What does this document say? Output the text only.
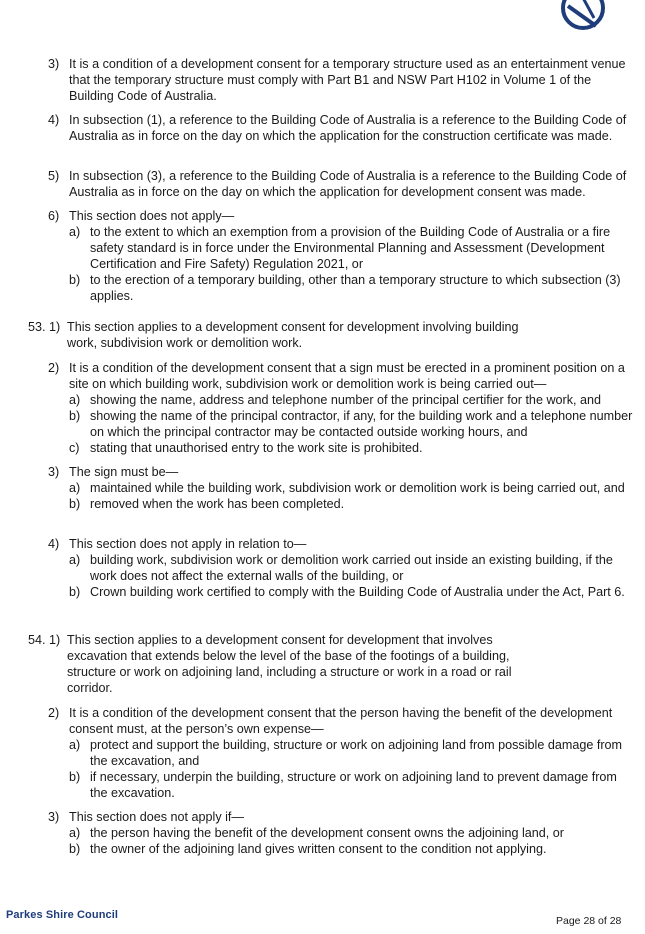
3) It is a condition of a development consent for a temporary structure used as an entertainment venue that the temporary structure must comply with Part B1 and NSW Part H102 in Volume 1 of the Building Code of Australia.
4) In subsection (1), a reference to the Building Code of Australia is a reference to the Building Code of Australia as in force on the day on which the application for the construction certificate was made.
5) In subsection (3), a reference to the Building Code of Australia is a reference to the Building Code of Australia as in force on the day on which the application for development consent was made.
6) This section does not apply—
a) to the extent to which an exemption from a provision of the Building Code of Australia or a fire safety standard is in force under the Environmental Planning and Assessment (Development Certification and Fire Safety) Regulation 2021, or
b) to the erection of a temporary building, other than a temporary structure to which subsection (3) applies.
53. 1) This section applies to a development consent for development involving building work, subdivision work or demolition work.
2) It is a condition of the development consent that a sign must be erected in a prominent position on a site on which building work, subdivision work or demolition work is being carried out—
a) showing the name, address and telephone number of the principal certifier for the work, and
b) showing the name of the principal contractor, if any, for the building work and a telephone number on which the principal contractor may be contacted outside working hours, and
c) stating that unauthorised entry to the work site is prohibited.
3) The sign must be—
a) maintained while the building work, subdivision work or demolition work is being carried out, and
b) removed when the work has been completed.
4) This section does not apply in relation to—
a) building work, subdivision work or demolition work carried out inside an existing building, if the work does not affect the external walls of the building, or
b) Crown building work certified to comply with the Building Code of Australia under the Act, Part 6.
54. 1) This section applies to a development consent for development that involves excavation that extends below the level of the base of the footings of a building, structure or work on adjoining land, including a structure or work in a road or rail corridor.
2) It is a condition of the development consent that the person having the benefit of the development consent must, at the person’s own expense—
a) protect and support the building, structure or work on adjoining land from possible damage from the excavation, and
b) if necessary, underpin the building, structure or work on adjoining land to prevent damage from the excavation.
3) This section does not apply if—
a) the person having the benefit of the development consent owns the adjoining land, or
b) the owner of the adjoining land gives written consent to the condition not applying.
Parkes Shire Council	Page 28 of 28
